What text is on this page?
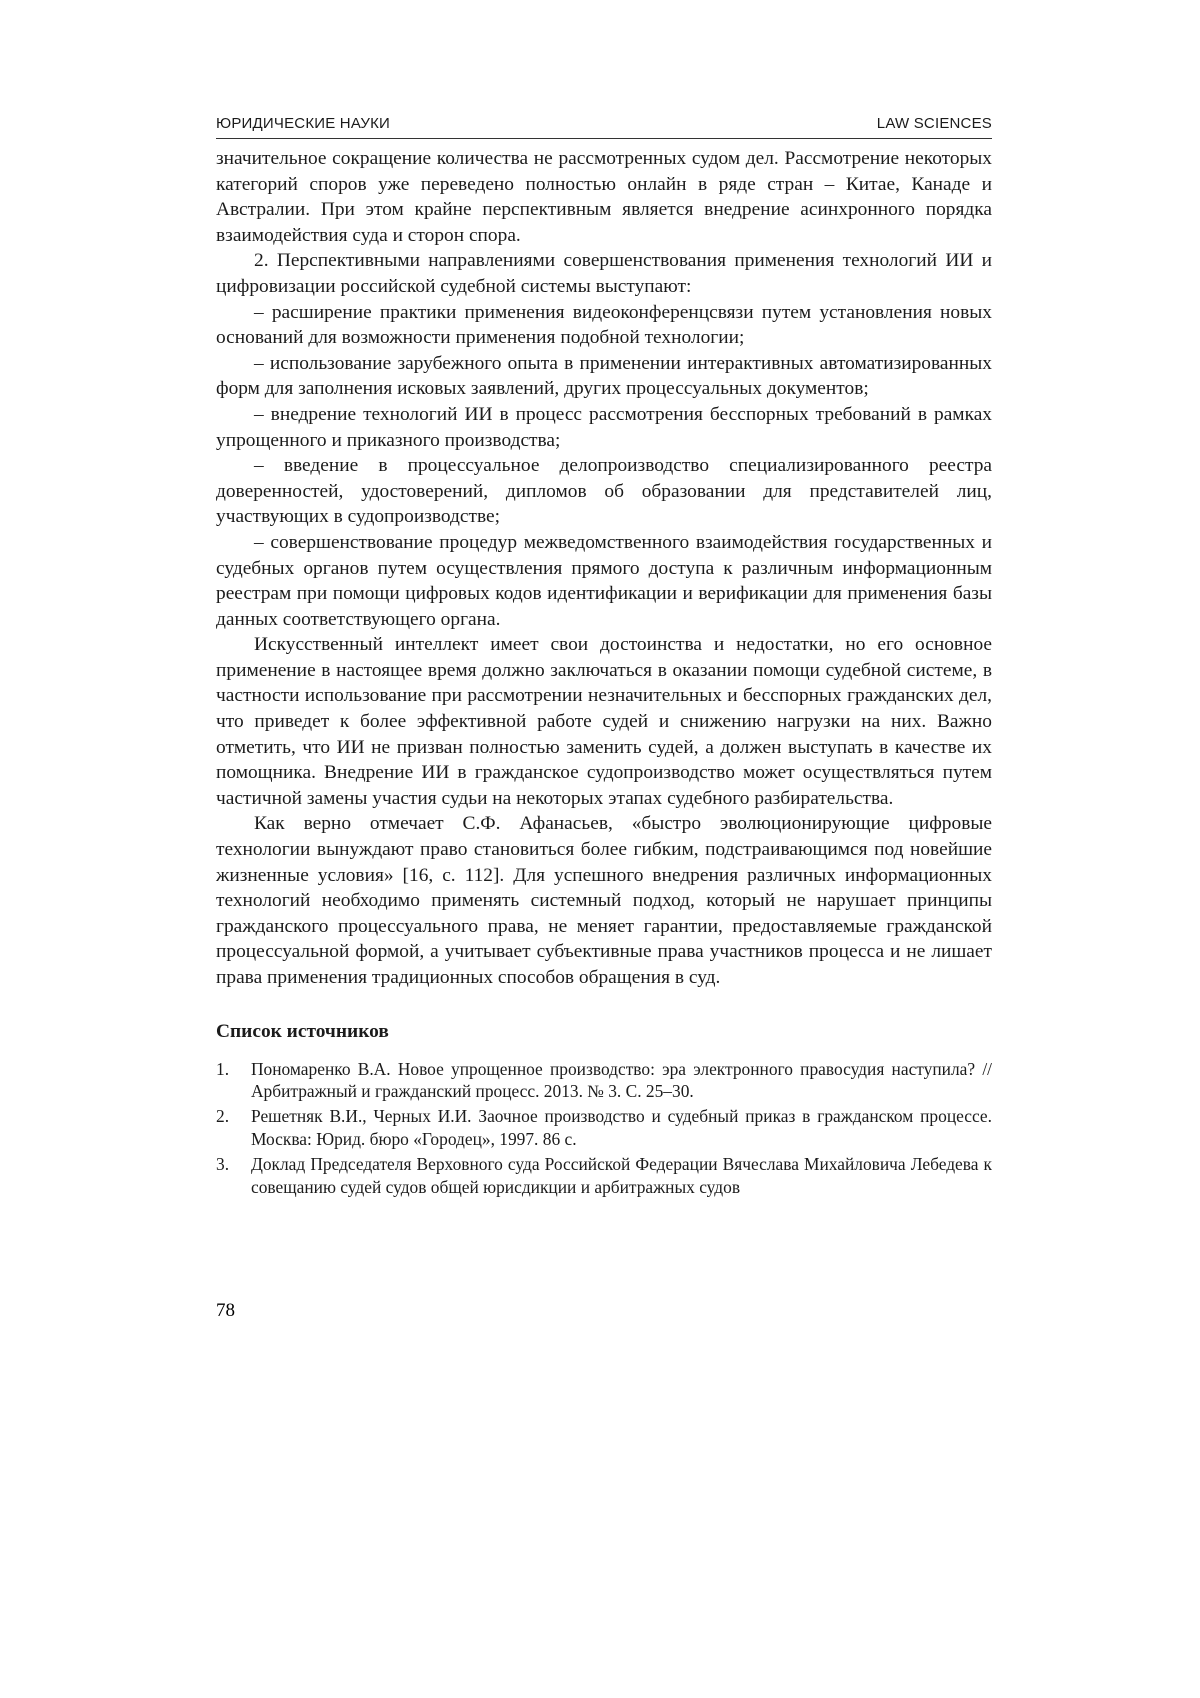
ЮРИДИЧЕСКИЕ НАУКИ	LAW SCIENCES

значительное сокращение количества не рассмотренных судом дел. Рассмотрение некоторых категорий споров уже переведено полностью онлайн в ряде стран – Китае, Канаде и Австралии. При этом крайне перспективным является внедрение асинхронного порядка взаимодействия суда и сторон спора.

2. Перспективными направлениями совершенствования применения технологий ИИ и цифровизации российской судебной системы выступают:

– расширение практики применения видеоконференцсвязи путем установления новых оснований для возможности применения подобной технологии;

– использование зарубежного опыта в применении интерактивных автоматизированных форм для заполнения исковых заявлений, других процессуальных документов;

– внедрение технологий ИИ в процесс рассмотрения бесспорных требований в рамках упрощенного и приказного производства;

– введение в процессуальное делопроизводство специализированного реестра доверенностей, удостоверений, дипломов об образовании для представителей лиц, участвующих в судопроизводстве;

– совершенствование процедур межведомственного взаимодействия государственных и судебных органов путем осуществления прямого доступа к различным информационным реестрам при помощи цифровых кодов идентификации и верификации для применения базы данных соответствующего органа.

Искусственный интеллект имеет свои достоинства и недостатки, но его основное применение в настоящее время должно заключаться в оказании помощи судебной системе, в частности использование при рассмотрении незначительных и бесспорных гражданских дел, что приведет к более эффективной работе судей и снижению нагрузки на них. Важно отметить, что ИИ не призван полностью заменить судей, а должен выступать в качестве их помощника. Внедрение ИИ в гражданское судопроизводство может осуществляться путем частичной замены участия судьи на некоторых этапах судебного разбирательства.

Как верно отмечает С.Ф. Афанасьев, «быстро эволюционирующие цифровые технологии вынуждают право становиться более гибким, подстраивающимся под новейшие жизненные условия» [16, с. 112]. Для успешного внедрения различных информационных технологий необходимо применять системный подход, который не нарушает принципы гражданского процессуального права, не меняет гарантии, предоставляемые гражданской процессуальной формой, а учитывает субъективные права участников процесса и не лишает права применения традиционных способов обращения в суд.

Список источников
1.	Пономаренко В.А. Новое упрощенное производство: эра электронного правосудия наступила? // Арбитражный и гражданский процесс. 2013. № 3. С. 25–30.
2.	Решетняк В.И., Черных И.И. Заочное производство и судебный приказ в гражданском процессе. Москва: Юрид. бюро «Городец», 1997. 86 с.
3.	Доклад Председателя Верховного суда Российской Федерации Вячеслава Михайловича Лебедева к совещанию судей судов общей юрисдикции и арбитражных судов
78
